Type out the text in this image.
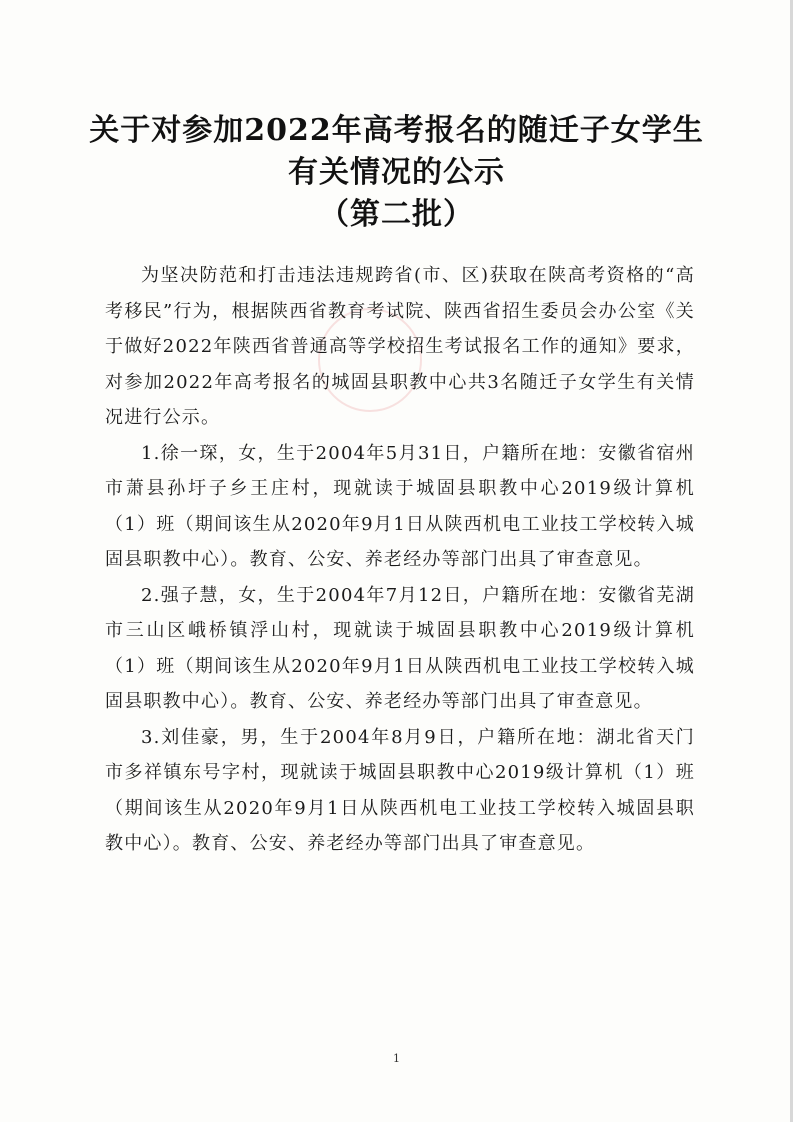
关于对参加2022年高考报名的随迁子女学生
有关情况的公示
（第二批）

为坚决防范和打击违法违规跨省(市、区)获取在陕高考资格的“高考移民”行为，根据陕西省教育考试院、陕西省招生委员会办公室《关于做好2022年陕西省普通高等学校招生考试报名工作的通知》要求，对参加2022年高考报名的城固县职教中心共3名随迁子女学生有关情况进行公示。

1.徐一琛，女，生于2004年5月31日，户籍所在地：安徽省宿州市萧县孙圩子乡王庄村，现就读于城固县职教中心2019级计算机（1）班（期间该生从2020年9月1日从陕西机电工业技工学校转入城固县职教中心）。教育、公安、养老经办等部门出具了审查意见。

2.强子慧，女，生于2004年7月12日，户籍所在地：安徽省芜湖市三山区峨桥镇浮山村，现就读于城固县职教中心2019级计算机（1）班（期间该生从2020年9月1日从陕西机电工业技工学校转入城固县职教中心）。教育、公安、养老经办等部门出具了审查意见。

3.刘佳豪，男，生于2004年8月9日，户籍所在地：湖北省天门市多祥镇东号字村，现就读于城固县职教中心2019级计算机（1）班（期间该生从2020年9月1日从陕西机电工业技工学校转入城固县职教中心）。教育、公安、养老经办等部门出具了审查意见。

1
